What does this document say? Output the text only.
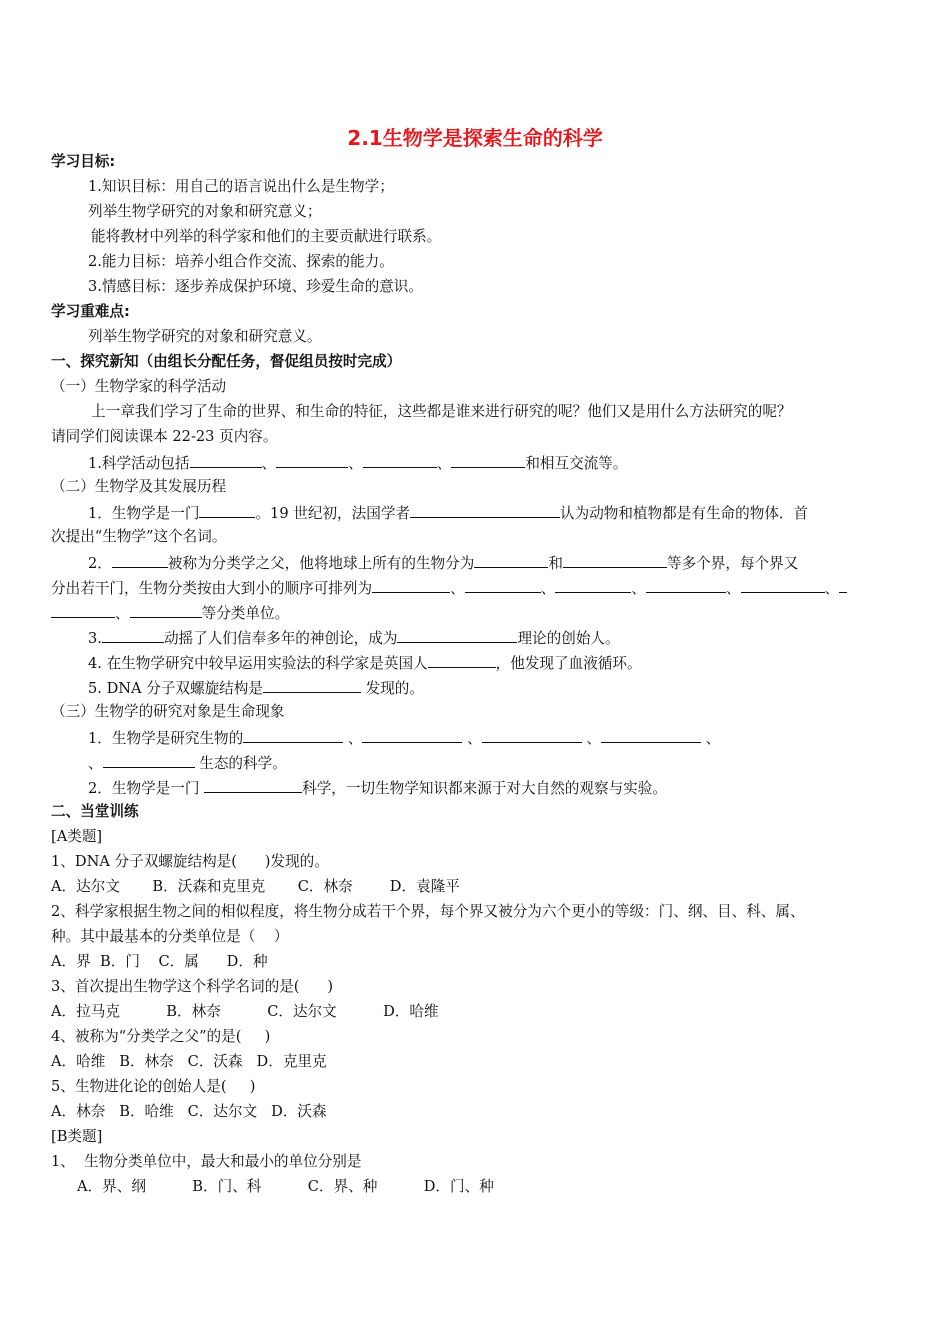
2.1生物学是探索生命的科学
学习目标:
1.知识目标：用自己的语言说出什么是生物学；
列举生物学研究的对象和研究意义；
能将教材中列举的科学家和他们的主要贡献进行联系。
2.能力目标：培养小组合作交流、探索的能力。
3.情感目标：逐步养成保护环境、珍爱生命的意识。
学习重难点:
列举生物学研究的对象和研究意义。
一、探究新知（由组长分配任务，督促组员按时完成）
（一）生物学家的科学活动
上一章我们学习了生命的世界、和生命的特征，这些都是谁来进行研究的呢？他们又是用什么方法研究的呢？
请同学们阅读课本 22-23 页内容。
1.科学活动包括	、	、	、	和相互交流等。
（二）生物学及其发展历程
1．生物学是一门	。19 世纪初，法国学者	认为动物和植物都是有生命的物体．首
次提出“生物学”这个名词。
2．	被称为分类学之父，他将地球上所有的生物分为	和	等多个界，每个界又
分出若干门，生物分类按由大到小的顺序可排列为	、	、	、	、	、
、	等分类单位。
3.	动摇了人们信奉多年的神创论，成为	理论的创始人。
4. 在生物学研究中较早运用实验法的科学家是英国人	，他发现了血液循环。
5. DNA 分子双螺旋结构是	发现的。
（三）生物学的研究对象是生命现象
1．生物学是研究生物的	、	、	、	、
、	生态的科学。
2．生物学是一门	科学，一切生物学知识都来源于对大自然的观察与实验。
二、当堂训练
[A类题]
1、DNA 分子双螺旋结构是(      )发现的。
A．达尔文       B．沃森和克里克       C．林奈        D．袁隆平
2、科学家根据生物之间的相似程度，将生物分成若干个界，每个界又被分为六个更小的等级：门、纲、目、科、属、
种。其中最基本的分类单位是（    ）
A．界  B．门    C．属      D．种
3、首次提出生物学这个科学名词的是(      )
A．拉马克          B．林奈          C．达尔文          D．哈维
4、被称为“分类学之父”的是(     )
A．哈维   B．林奈   C．沃森   D．克里克
5、生物进化论的创始人是(     )
A．林奈   B．哈维   C．达尔文   D．沃森
[B类题]
1、  生物分类单位中，最大和最小的单位分别是
A．界、纲          B．门、科          C．界、种          D．门、种
